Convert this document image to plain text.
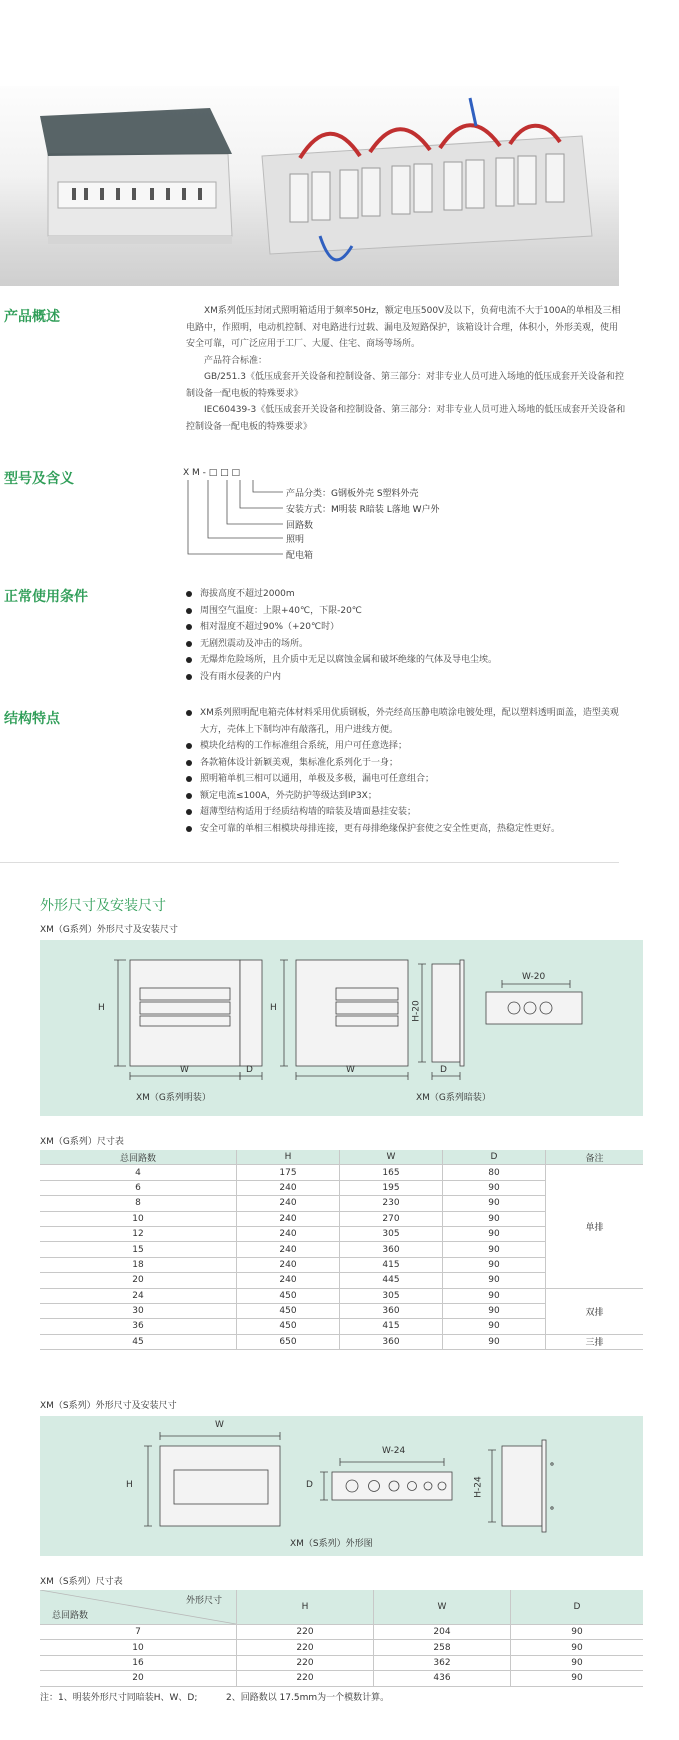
产品概述	XM系列低压封闭式照明箱适用于频率50Hz，额定电压500V及以下，负荷电流不大于100A的单相及三相电路中，作照明，电动机控制、对电路进行过载、漏电及短路保护，该箱设计合理，体积小，外形美观，使用安全可靠，可广泛应用于工厂、大厦、住宅、商场等场所。

产品符合标准：

GB/251.3《低压成套开关设备和控制设备、第三部分：对非专业人员可进入场地的低压成套开关设备和控制设备一配电板的特殊要求》

IEC60439-3《低压成套开关设备和控制设备、第三部分：对非专业人员可进入场地的低压成套开关设备和控制设备一配电板的特殊要求》

型号及含义	X M - □ □ □
产品分类：G钢板外壳 S塑料外壳
安装方式：M明装 R暗装 L落地 W户外
回路数
照明
配电箱
正常使用条件	海拔高度不超过2000m

周围空气温度：上限+40℃，下限-20℃

相对湿度不超过90%（+20℃时）

无剧烈震动及冲击的场所。

无爆炸危险场所，且介质中无足以腐蚀金属和破坏绝缘的气体及导电尘埃。

没有雨水侵袭的户内

结构特点	XM系列照明配电箱壳体材料采用优质钢板，外壳经高压静电喷涂电镀处理，配以塑料透明面盖，造型美观大方，壳体上下制均冲有敲落孔，用户进线方便。

模块化结构的工作标准组合系统，用户可任意选择；

各款箱体设计新颖美观，集标准化系列化于一身；

照明箱单机三相可以通用，单极及多极，漏电可任意组合；

额定电流≤100A，外壳防护等级达到IP3X；

超薄型结构适用于经质结构墙的暗装及墙面悬挂安装；

安全可靠的单相三相模块母排连接，更有母排绝缘保护套使之安全性更高，热稳定性更好。

外形尺寸及安装尺寸
XM（G系列）外形尺寸及安装尺寸
H
W	D
H
W
H-20
D
W-20
XM（G系列明装）	XM（G系列暗装）
XM（G系列）尺寸表
总回路数	H	W	D	备注
4	175	165	80	单排
6	240	195	90	
8	240	230	90	
10	240	270	90	
12	240	305	90	
15	240	360	90	
18	240	415	90	
20	240	445	90	
24	450	305	90	双排
30	450	360	90	
36	450	415	90	
45	650	360	90	三排
XM（S系列）外形尺寸及安装尺寸
W
H
W-24
D	H-24
XM（S系列）外形图
XM（S系列）尺寸表
外形尺寸
总回路数	H	W	D
7	220	204	90
10	220	258	90
16	220	362	90
20	220	436	90
注：1、明装外形尺寸同暗装H、W、D;          2、回路数以 17.5mm为一个模数计算。
